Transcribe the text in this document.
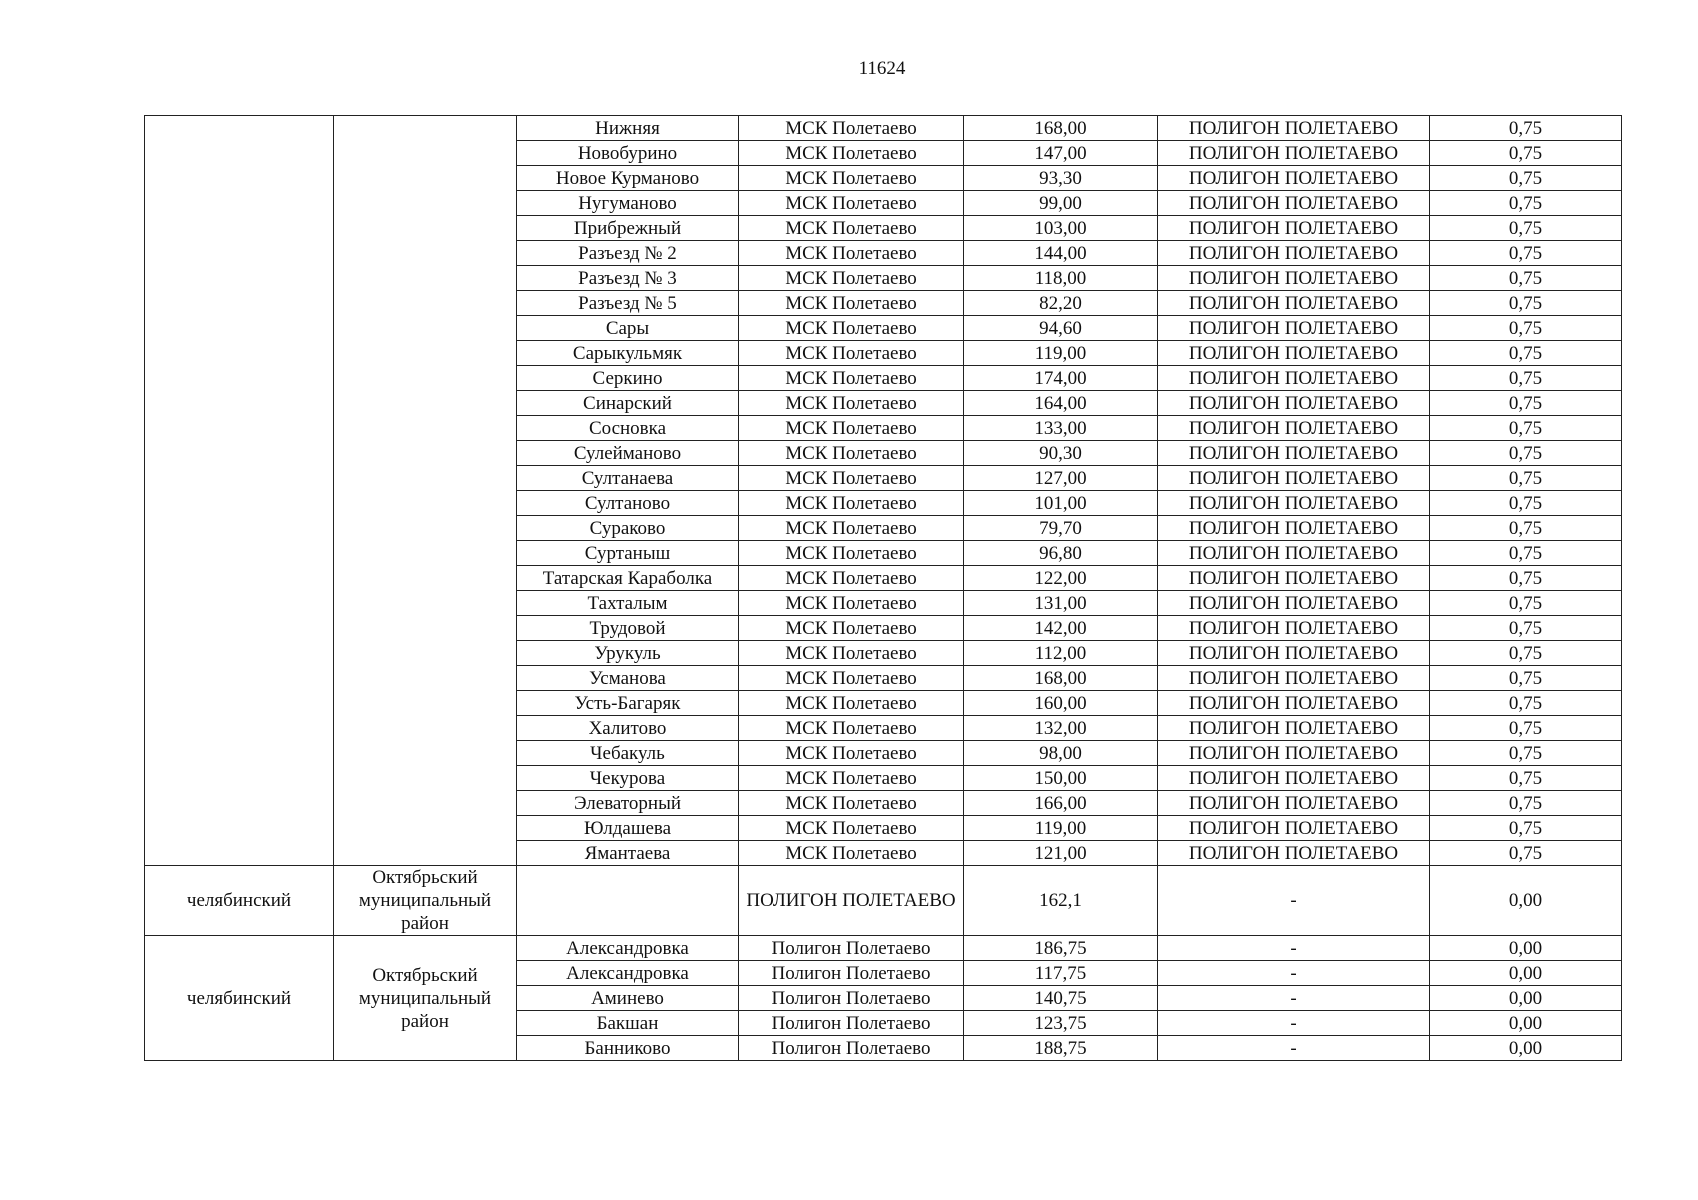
11624
		Нижняя	МСК Полетаево	168,00	ПОЛИГОН ПОЛЕТАЕВО	0,75
		Новобурино	МСК Полетаево	147,00	ПОЛИГОН ПОЛЕТАЕВО	0,75
		Новое Курманово	МСК Полетаево	93,30	ПОЛИГОН ПОЛЕТАЕВО	0,75
		Нугуманово	МСК Полетаево	99,00	ПОЛИГОН ПОЛЕТАЕВО	0,75
		Прибрежный	МСК Полетаево	103,00	ПОЛИГОН ПОЛЕТАЕВО	0,75
		Разъезд № 2	МСК Полетаево	144,00	ПОЛИГОН ПОЛЕТАЕВО	0,75
		Разъезд № 3	МСК Полетаево	118,00	ПОЛИГОН ПОЛЕТАЕВО	0,75
		Разъезд № 5	МСК Полетаево	82,20	ПОЛИГОН ПОЛЕТАЕВО	0,75
		Сары	МСК Полетаево	94,60	ПОЛИГОН ПОЛЕТАЕВО	0,75
		Сарыкульмяк	МСК Полетаево	119,00	ПОЛИГОН ПОЛЕТАЕВО	0,75
		Серкино	МСК Полетаево	174,00	ПОЛИГОН ПОЛЕТАЕВО	0,75
		Синарский	МСК Полетаево	164,00	ПОЛИГОН ПОЛЕТАЕВО	0,75
		Сосновка	МСК Полетаево	133,00	ПОЛИГОН ПОЛЕТАЕВО	0,75
		Сулейманово	МСК Полетаево	90,30	ПОЛИГОН ПОЛЕТАЕВО	0,75
		Султанаева	МСК Полетаево	127,00	ПОЛИГОН ПОЛЕТАЕВО	0,75
		Султаново	МСК Полетаево	101,00	ПОЛИГОН ПОЛЕТАЕВО	0,75
		Сураково	МСК Полетаево	79,70	ПОЛИГОН ПОЛЕТАЕВО	0,75
		Суртаныш	МСК Полетаево	96,80	ПОЛИГОН ПОЛЕТАЕВО	0,75
		Татарская Караболка	МСК Полетаево	122,00	ПОЛИГОН ПОЛЕТАЕВО	0,75
		Тахталым	МСК Полетаево	131,00	ПОЛИГОН ПОЛЕТАЕВО	0,75
		Трудовой	МСК Полетаево	142,00	ПОЛИГОН ПОЛЕТАЕВО	0,75
		Урукуль	МСК Полетаево	112,00	ПОЛИГОН ПОЛЕТАЕВО	0,75
		Усманова	МСК Полетаево	168,00	ПОЛИГОН ПОЛЕТАЕВО	0,75
		Усть-Багаряк	МСК Полетаево	160,00	ПОЛИГОН ПОЛЕТАЕВО	0,75
		Халитово	МСК Полетаево	132,00	ПОЛИГОН ПОЛЕТАЕВО	0,75
		Чебакуль	МСК Полетаево	98,00	ПОЛИГОН ПОЛЕТАЕВО	0,75
		Чекурова	МСК Полетаево	150,00	ПОЛИГОН ПОЛЕТАЕВО	0,75
		Элеваторный	МСК Полетаево	166,00	ПОЛИГОН ПОЛЕТАЕВО	0,75
		Юлдашева	МСК Полетаево	119,00	ПОЛИГОН ПОЛЕТАЕВО	0,75
		Ямантаева	МСК Полетаево	121,00	ПОЛИГОН ПОЛЕТАЕВО	0,75
челябинский	Октябрьский муниципальный район		ПОЛИГОН ПОЛЕТАЕВО	162,1	-	0,00
челябинский	Октябрьский муниципальный район	Александровка	Полигон Полетаево	186,75	-	0,00
		Александровка	Полигон Полетаево	117,75	-	0,00
		Аминево	Полигон Полетаево	140,75	-	0,00
		Бакшан	Полигон Полетаево	123,75	-	0,00
		Банниково	Полигон Полетаево	188,75	-	0,00
